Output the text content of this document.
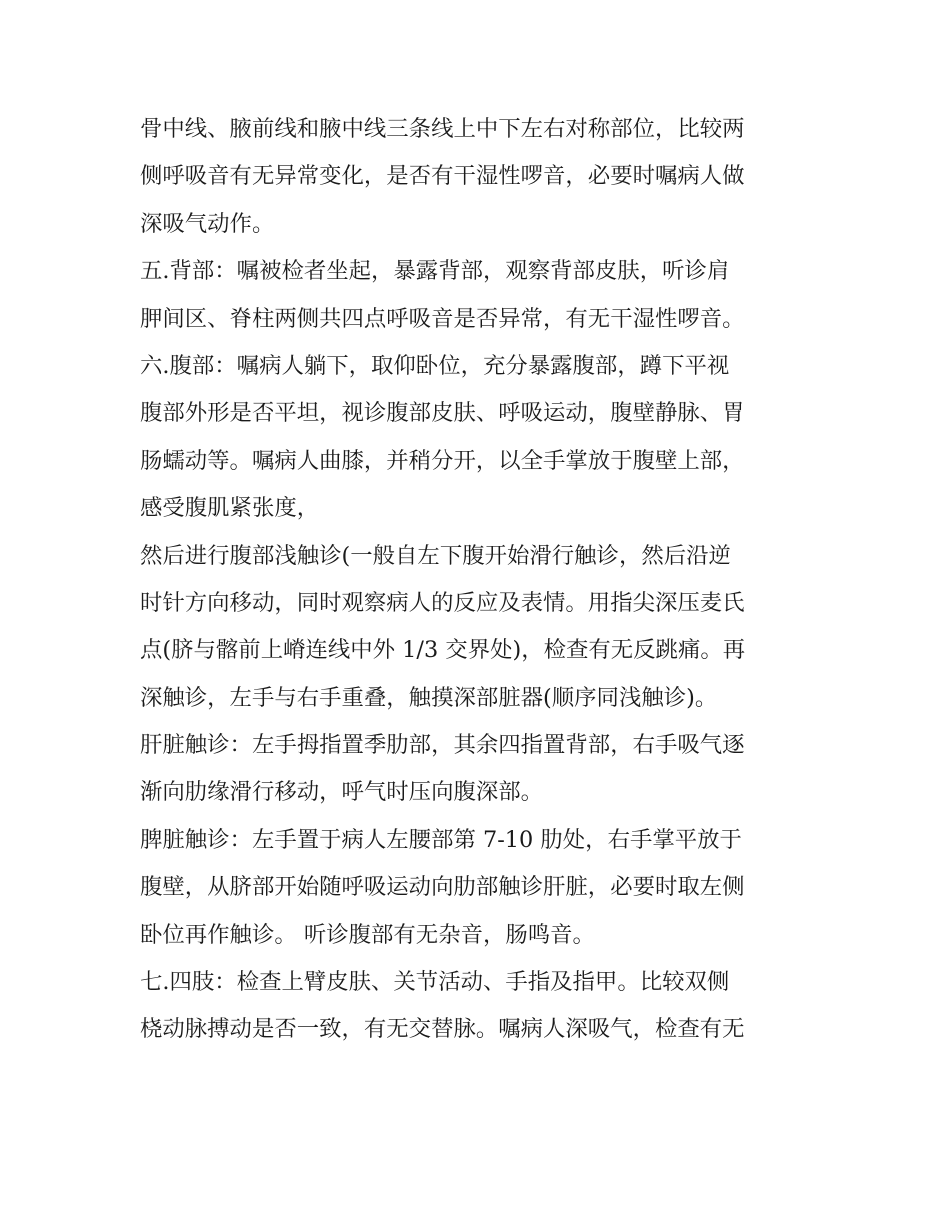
骨中线、腋前线和腋中线三条线上中下左右对称部位，比较两
侧呼吸音有无异常变化，是否有干湿性啰音，必要时嘱病人做
深吸气动作。
五.背部：嘱被检者坐起，暴露背部，观察背部皮肤，听诊肩
胛间区、脊柱两侧共四点呼吸音是否异常，有无干湿性啰音。
六.腹部：嘱病人躺下，取仰卧位，充分暴露腹部，蹲下平视
腹部外形是否平坦，视诊腹部皮肤、呼吸运动，腹壁静脉、胃
肠蠕动等。嘱病人曲膝，并稍分开，以全手掌放于腹壁上部，
感受腹肌紧张度，
然后进行腹部浅触诊(一般自左下腹开始滑行触诊，然后沿逆
时针方向移动，同时观察病人的反应及表情。用指尖深压麦氏
点(脐与髂前上嵴连线中外 1/3 交界处)，检查有无反跳痛。再
深触诊，左手与右手重叠，触摸深部脏器(顺序同浅触诊)。
肝脏触诊：左手拇指置季肋部，其余四指置背部，右手吸气逐
渐向肋缘滑行移动，呼气时压向腹深部。
脾脏触诊：左手置于病人左腰部第 7-10 肋处，右手掌平放于
腹壁，从脐部开始随呼吸运动向肋部触诊肝脏，必要时取左侧
卧位再作触诊。 听诊腹部有无杂音，肠鸣音。
七.四肢：检查上臂皮肤、关节活动、手指及指甲。比较双侧
桡动脉搏动是否一致，有无交替脉。嘱病人深吸气，检查有无
